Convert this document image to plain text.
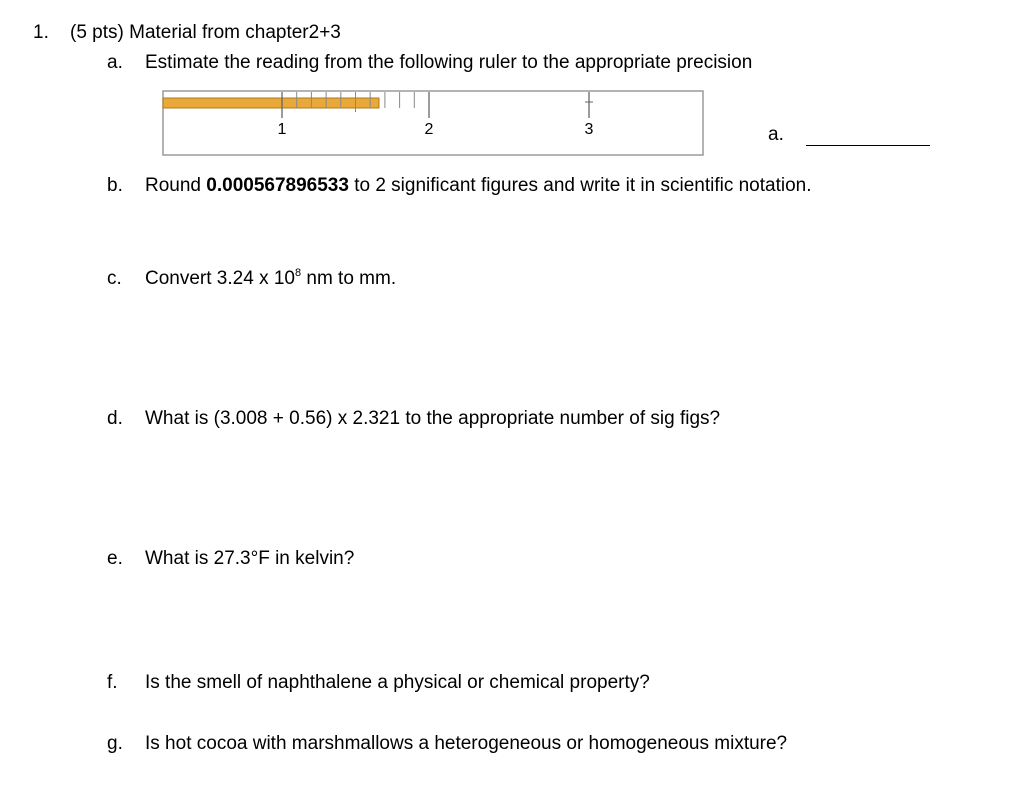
1. (5 pts) Material from chapter2+3
a. Estimate the reading from the following ruler to the appropriate precision
1	2	3	a.
b. Round 0.000567896533 to 2 significant figures and write it in scientific notation.
c. Convert 3.24 x $10^8$ nm to mm.
d. What is (3.008 + 0.56) x 2.321 to the appropriate number of sig figs?
e. What is 27.3°F in kelvin?
f. Is the smell of naphthalene a physical or chemical property?
g. Is hot cocoa with marshmallows a heterogeneous or homogeneous mixture?
